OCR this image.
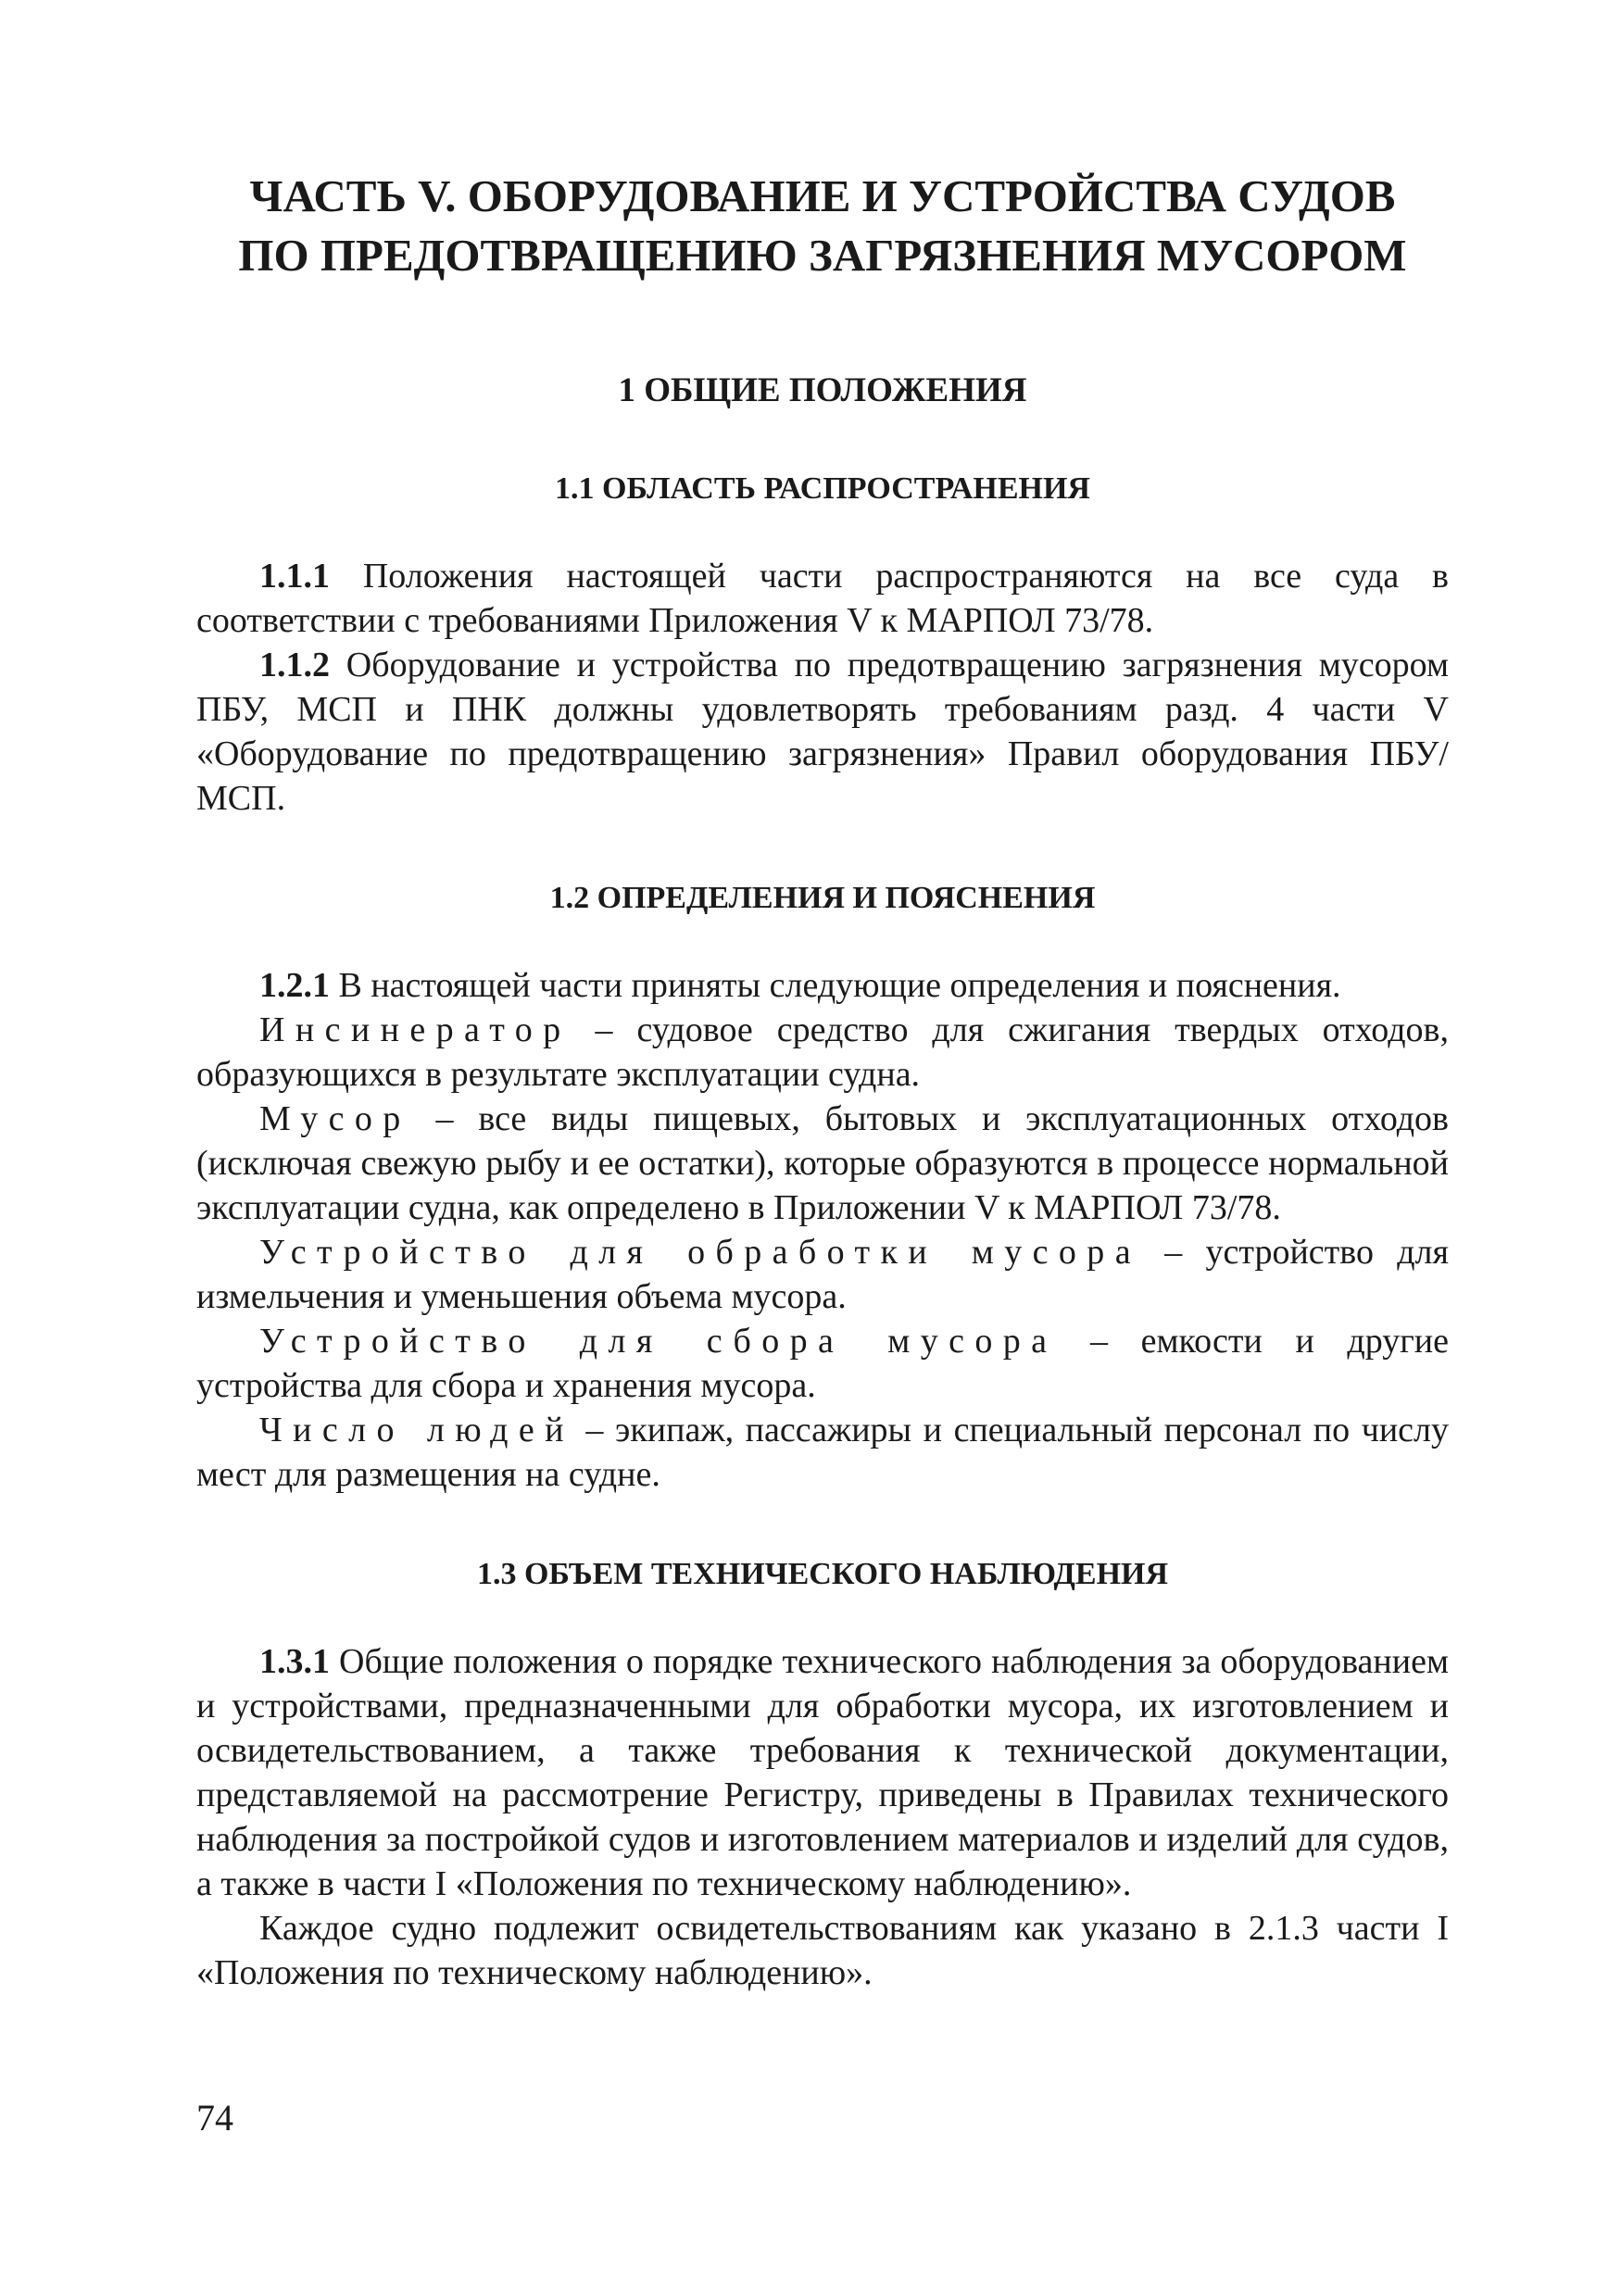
ЧАСТЬ V. ОБОРУДОВАНИЕ И УСТРОЙСТВА СУДОВ
ПО ПРЕДОТВРАЩЕНИЮ ЗАГРЯЗНЕНИЯ МУСОРОМ
1 ОБЩИЕ ПОЛОЖЕНИЯ
1.1 ОБЛАСТЬ РАСПРОСТРАНЕНИЯ

1.1.1 Положения настоящей части распространяются на все суда в соответствии с требованиями Приложения V к МАРПОЛ 73/78.

1.1.2 Оборудование и устройства по предотвращению загрязнения мусором ПБУ, МСП и ПНК должны удовлетворять требованиям разд. 4 части V «Оборудование по предотвращению загрязнения» Правил оборудования ПБУ/МСП.

1.2 ОПРЕДЕЛЕНИЯ И ПОЯСНЕНИЯ

1.2.1 В настоящей части приняты следующие определения и пояснения.

Инсинератор – судовое средство для сжигания твердых отходов, образующихся в результате эксплуатации судна.

Мусор – все виды пищевых, бытовых и эксплуатационных отходов (исключая свежую рыбу и ее остатки), которые образуются в процессе нормальной эксплуатации судна, как определено в Приложении V к МАРПОЛ 73/78.

Устройство для обработки мусора – устройство для измельчения и уменьшения объема мусора.

Устройство для сбора мусора – емкости и другие устройства для сбора и хранения мусора.

Число людей – экипаж, пассажиры и специальный персонал по числу мест для размещения на судне.

1.3 ОБЪЕМ ТЕХНИЧЕСКОГО НАБЛЮДЕНИЯ

1.3.1 Общие положения о порядке технического наблюдения за оборудованием и устройствами, предназначенными для обработки мусора, их изготовлением и освидетельствованием, а также требования к технической документации, представляемой на рассмотрение Регистру, приведены в Правилах технического наблюдения за постройкой судов и изготовлением материалов и изделий для судов, а также в части I «Положения по техническому наблюдению».

Каждое судно подлежит освидетельствованиям как указано в 2.1.3 части I «Положения по техническому наблюдению».

74
